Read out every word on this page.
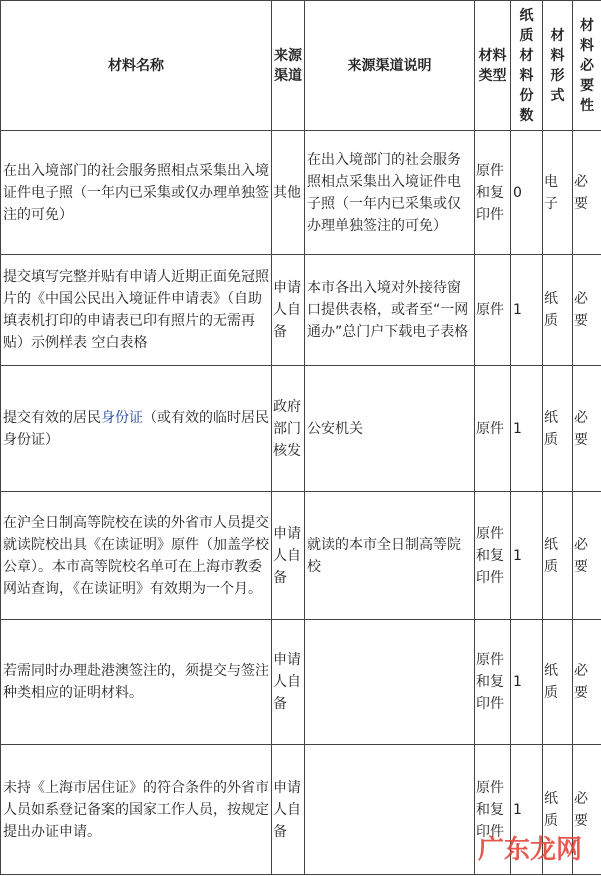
材料名称	来源渠道	来源渠道说明	材料类型	纸质材料份数	材料形式	材料必要性
在出入境部门的社会服务照相点采集出入境证件电子照（一年内已采集或仅办理单独签注的可免）	其他	在出入境部门的社会服务照相点采集出入境证件电子照（一年内已采集或仅办理单独签注的可免）	原件和复印件	0	电子	必要
提交填写完整并贴有申请人近期正面免冠照片的《中国公民出入境证件申请表》（自助填表机打印的申请表已印有照片的无需再贴）示例样表 空白表格	申请人自备	本市各出入境对外接待窗口提供表格，或者至“一网通办”总门户下载电子表格	原件	1	纸质	必要
提交有效的居民身份证（或有效的临时居民身份证）	政府部门核发	公安机关	原件	1	纸质	必要
在沪全日制高等院校在读的外省市人员提交就读院校出具《在读证明》原件（加盖学校公章）。本市高等院校名单可在上海市教委网站查询，《在读证明》有效期为一个月。	申请人自备	就读的本市全日制高等院校	原件和复印件	1	纸质	必要
若需同时办理赴港澳签注的，须提交与签注种类相应的证明材料。	申请人自备		原件和复印件	1	纸质	必要
未持《上海市居住证》的符合条件的外省市人员如系登记备案的国家工作人员，按规定提出办证申请。	申请人自备		原件和复印件	1	纸质	必要
广东龙网
